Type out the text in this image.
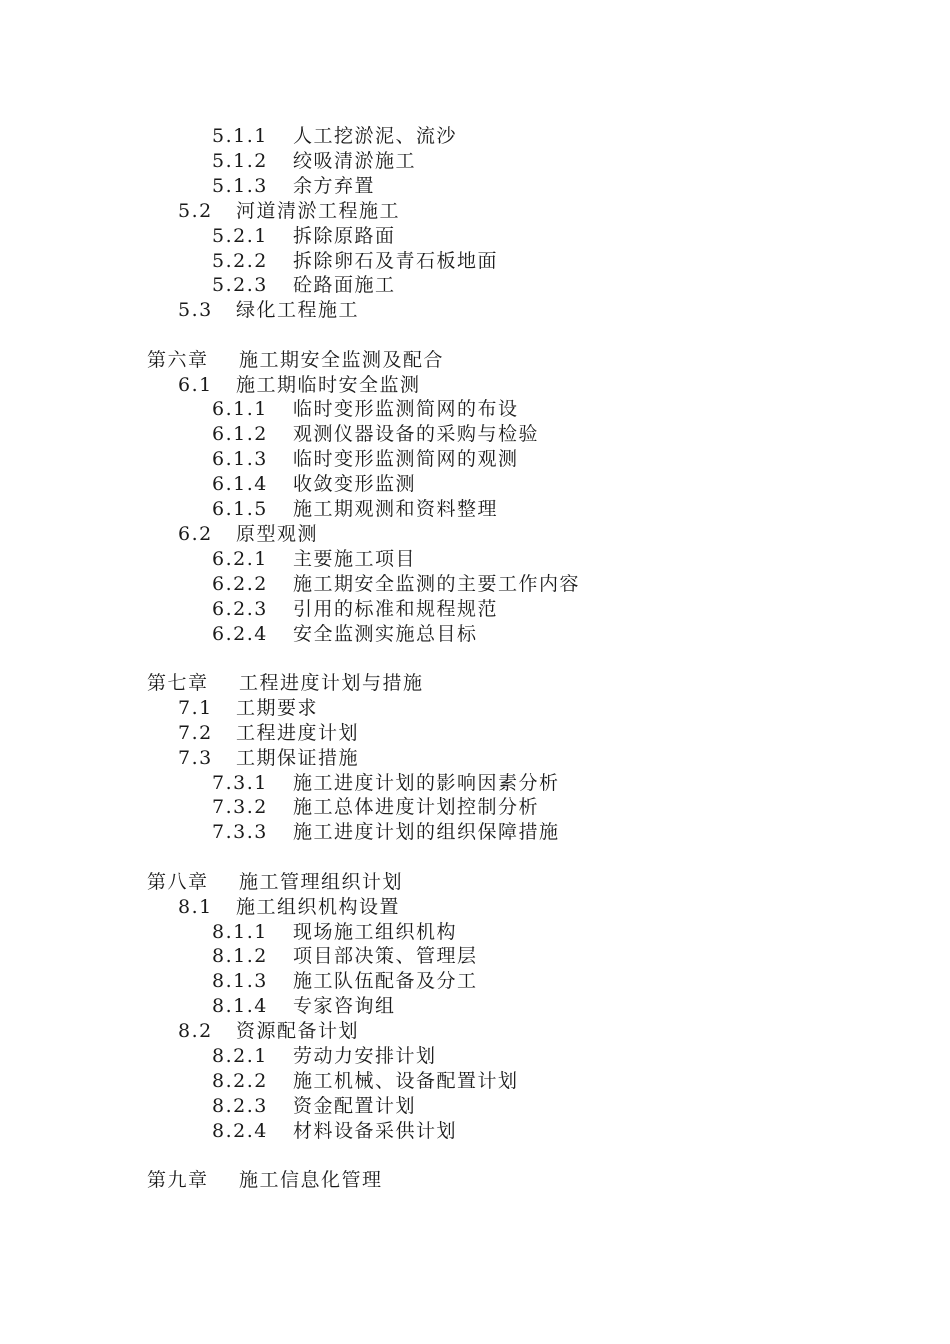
5.1.1 人工挖淤泥、流沙
5.1.2 绞吸清淤施工
5.1.3 余方弃置
5.2 河道清淤工程施工
5.2.1 拆除原路面
5.2.2 拆除卵石及青石板地面
5.2.3 砼路面施工
5.3 绿化工程施工
第六章 施工期安全监测及配合
6.1 施工期临时安全监测
6.1.1 临时变形监测简网的布设
6.1.2 观测仪器设备的采购与检验
6.1.3 临时变形监测简网的观测
6.1.4 收敛变形监测
6.1.5 施工期观测和资料整理
6.2 原型观测
6.2.1 主要施工项目
6.2.2 施工期安全监测的主要工作内容
6.2.3 引用的标准和规程规范
6.2.4 安全监测实施总目标
第七章 工程进度计划与措施
7.1 工期要求
7.2 工程进度计划
7.3 工期保证措施
7.3.1 施工进度计划的影响因素分析
7.3.2 施工总体进度计划控制分析
7.3.3 施工进度计划的组织保障措施
第八章 施工管理组织计划
8.1 施工组织机构设置
8.1.1 现场施工组织机构
8.1.2 项目部决策、管理层
8.1.3 施工队伍配备及分工
8.1.4 专家咨询组
8.2 资源配备计划
8.2.1 劳动力安排计划
8.2.2 施工机械、设备配置计划
8.2.3 资金配置计划
8.2.4 材料设备采供计划
第九章 施工信息化管理
